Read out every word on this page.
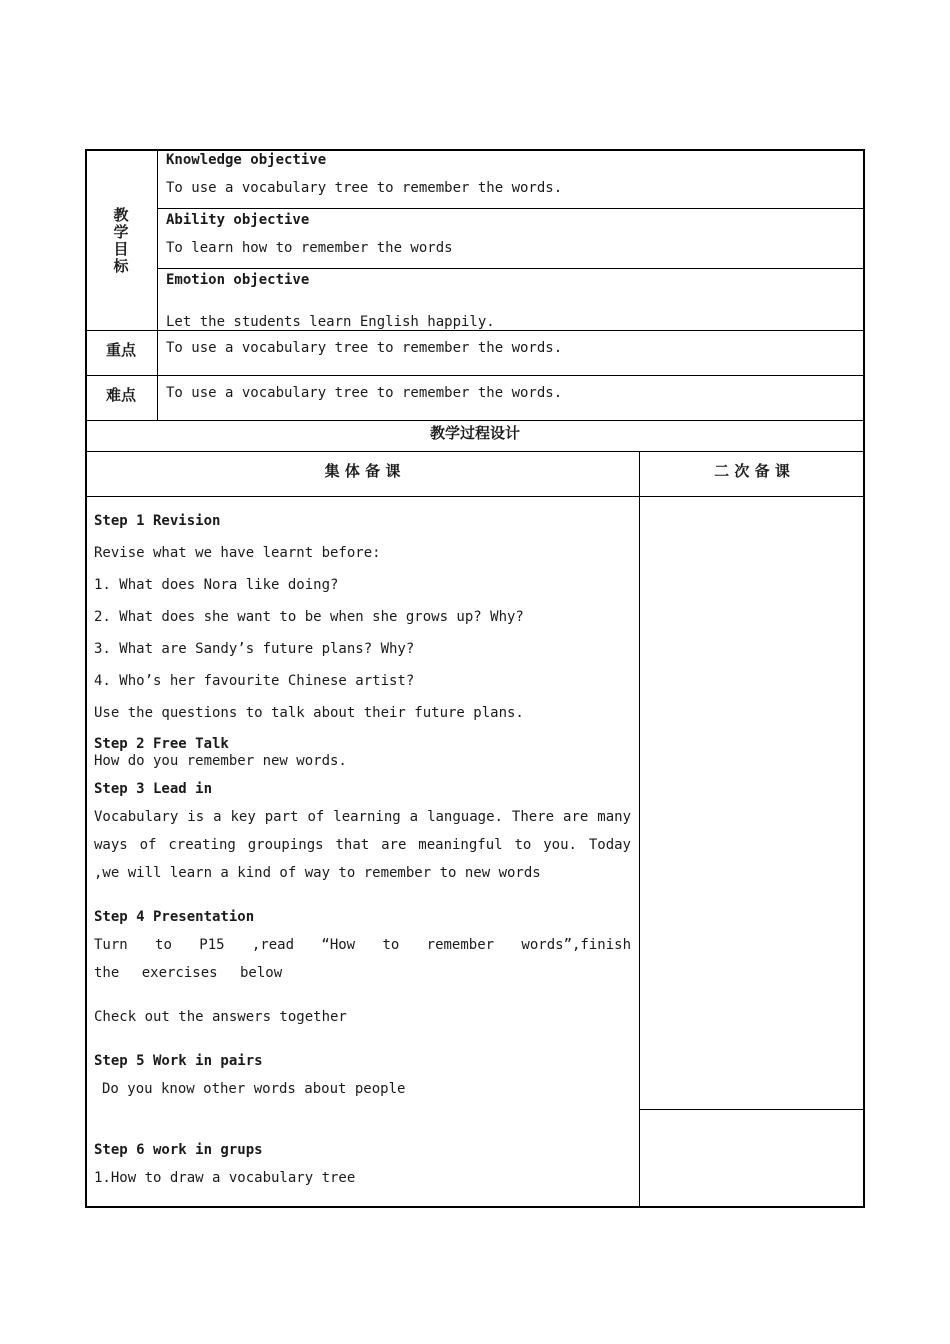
教
学
目
标
Knowledge objective
To use a vocabulary tree to remember the words.
Ability objective
To learn how to remember the words
Emotion objective
Let the students learn English happily.
重点 To use a vocabulary tree to remember the words.
难点 To use a vocabulary tree to remember the words.
教学过程设计
集 体 备 课	二 次 备 课
Step 1 Revision
Revise what we have learnt before:
1. What does Nora like doing?
2. What does she want to be when she grows up? Why?
3. What are Sandy’s future plans? Why?
4. Who’s her favourite Chinese artist?
Use the questions to talk about their future plans.
Step 2 Free Talk
How do you remember new words.
Step 3 Lead in
Vocabulary is a key part of learning a language. There are many ways of creating groupings that are meaningful to you. Today ,we will learn a kind of way to remember to new words
Step 4 Presentation
Turn to P15 ,read “How to remember words”,finish the exercises below
Check out the answers together
Step 5 Work in pairs
Do you know other words about people
Step 6 work in grups
1.How to draw a vocabulary tree
